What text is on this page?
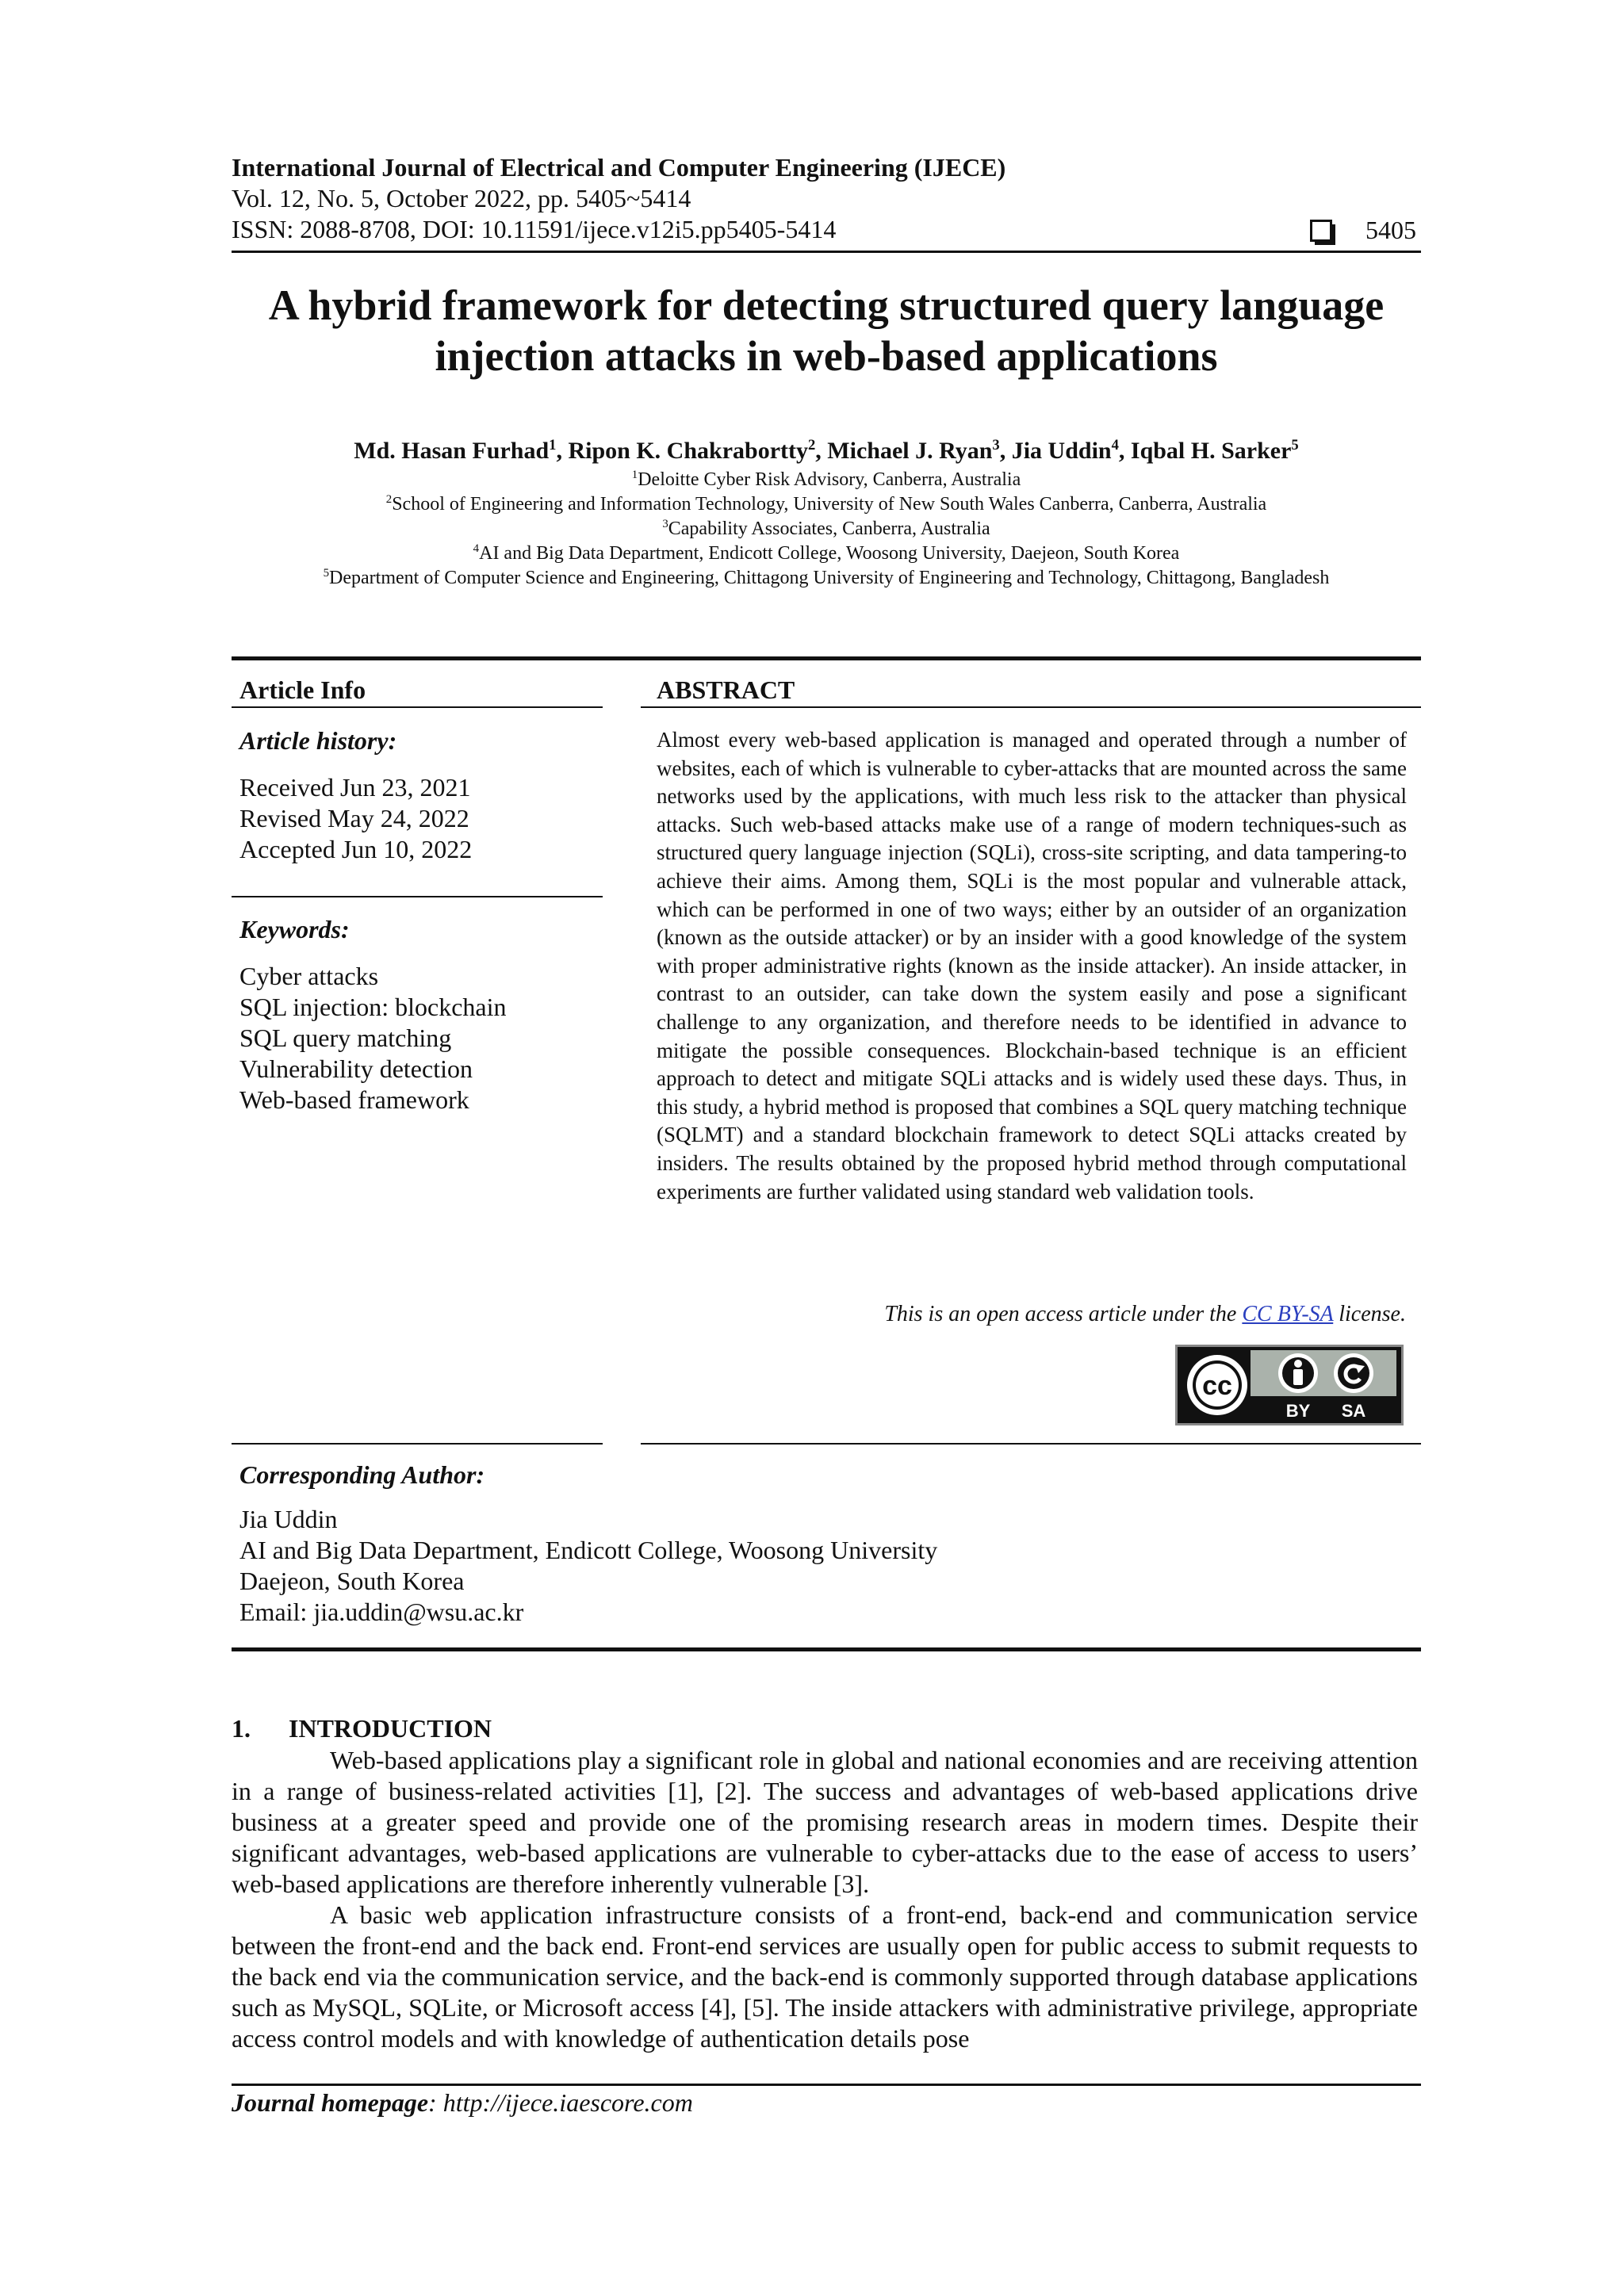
International Journal of Electrical and Computer Engineering (IJECE)
Vol. 12, No. 5, October 2022, pp. 5405~5414
ISSN: 2088-8708, DOI: 10.11591/ijece.v12i5.pp5405-5414	5405
A hybrid framework for detecting structured query language
injection attacks in web-based applications
Md. Hasan Furhad$^1$, Ripon K. Chakrabortty$^2$, Michael J. Ryan$^3$, Jia Uddin$^4$, Iqbal H. Sarker$^5$
$^1$Deloitte Cyber Risk Advisory, Canberra, Australia
$^2$School of Engineering and Information Technology, University of New South Wales Canberra, Canberra, Australia
$^3$Capability Associates, Canberra, Australia
$^4$AI and Big Data Department, Endicott College, Woosong University, Daejeon, South Korea
$^5$Department of Computer Science and Engineering, Chittagong University of Engineering and Technology, Chittagong, Bangladesh
Article Info
Article history:
Received Jun 23, 2021
Revised May 24, 2022
Accepted Jun 10, 2022
Keywords:
Cyber attacks
SQL injection: blockchain
SQL query matching
Vulnerability detection
Web-based framework
ABSTRACT
Almost every web-based application is managed and operated through a number of websites, each of which is vulnerable to cyber-attacks that are mounted across the same networks used by the applications, with much less risk to the attacker than physical attacks. Such web-based attacks make use of a range of modern techniques-such as structured query language injection (SQLi), cross-site scripting, and data tampering-to achieve their aims. Among them, SQLi is the most popular and vulnerable attack, which can be performed in one of two ways; either by an outsider of an organization (known as the outside attacker) or by an insider with a good knowledge of the system with proper administrative rights (known as the inside attacker). An inside attacker, in contrast to an outsider, can take down the system easily and pose a significant challenge to any organization, and therefore needs to be identified in advance to mitigate the possible consequences. Blockchain-based technique is an efficient approach to detect and mitigate SQLi attacks and is widely used these days. Thus, in this study, a hybrid method is proposed that combines a SQL query matching technique (SQLMT) and a standard blockchain framework to detect SQLi attacks created by insiders. The results obtained by the proposed hybrid method through computational experiments are further validated using standard web validation tools.
This is an open access article under the CC BY-SA license.
cc
BY SA
Corresponding Author:
Jia Uddin
AI and Big Data Department, Endicott College, Woosong University
Daejeon, South Korea
Email: jia.uddin@wsu.ac.kr
1.      INTRODUCTION
Web-based applications play a significant role in global and national economies and are receiving attention in a range of business-related activities [1], [2]. The success and advantages of web-based applications drive business at a greater speed and provide one of the promising research areas in modern times. Despite their significant advantages, web-based applications are vulnerable to cyber-attacks due to the ease of access to users’ web-based applications are therefore inherently vulnerable [3].
A basic web application infrastructure consists of a front-end, back-end and communication service between the front-end and the back end. Front-end services are usually open for public access to submit requests to the back end via the communication service, and the back-end is commonly supported through database applications such as MySQL, SQLite, or Microsoft access [4], [5]. The inside attackers with administrative privilege, appropriate access control models and with knowledge of authentication details pose
Journal homepage: http://ijece.iaescore.com
